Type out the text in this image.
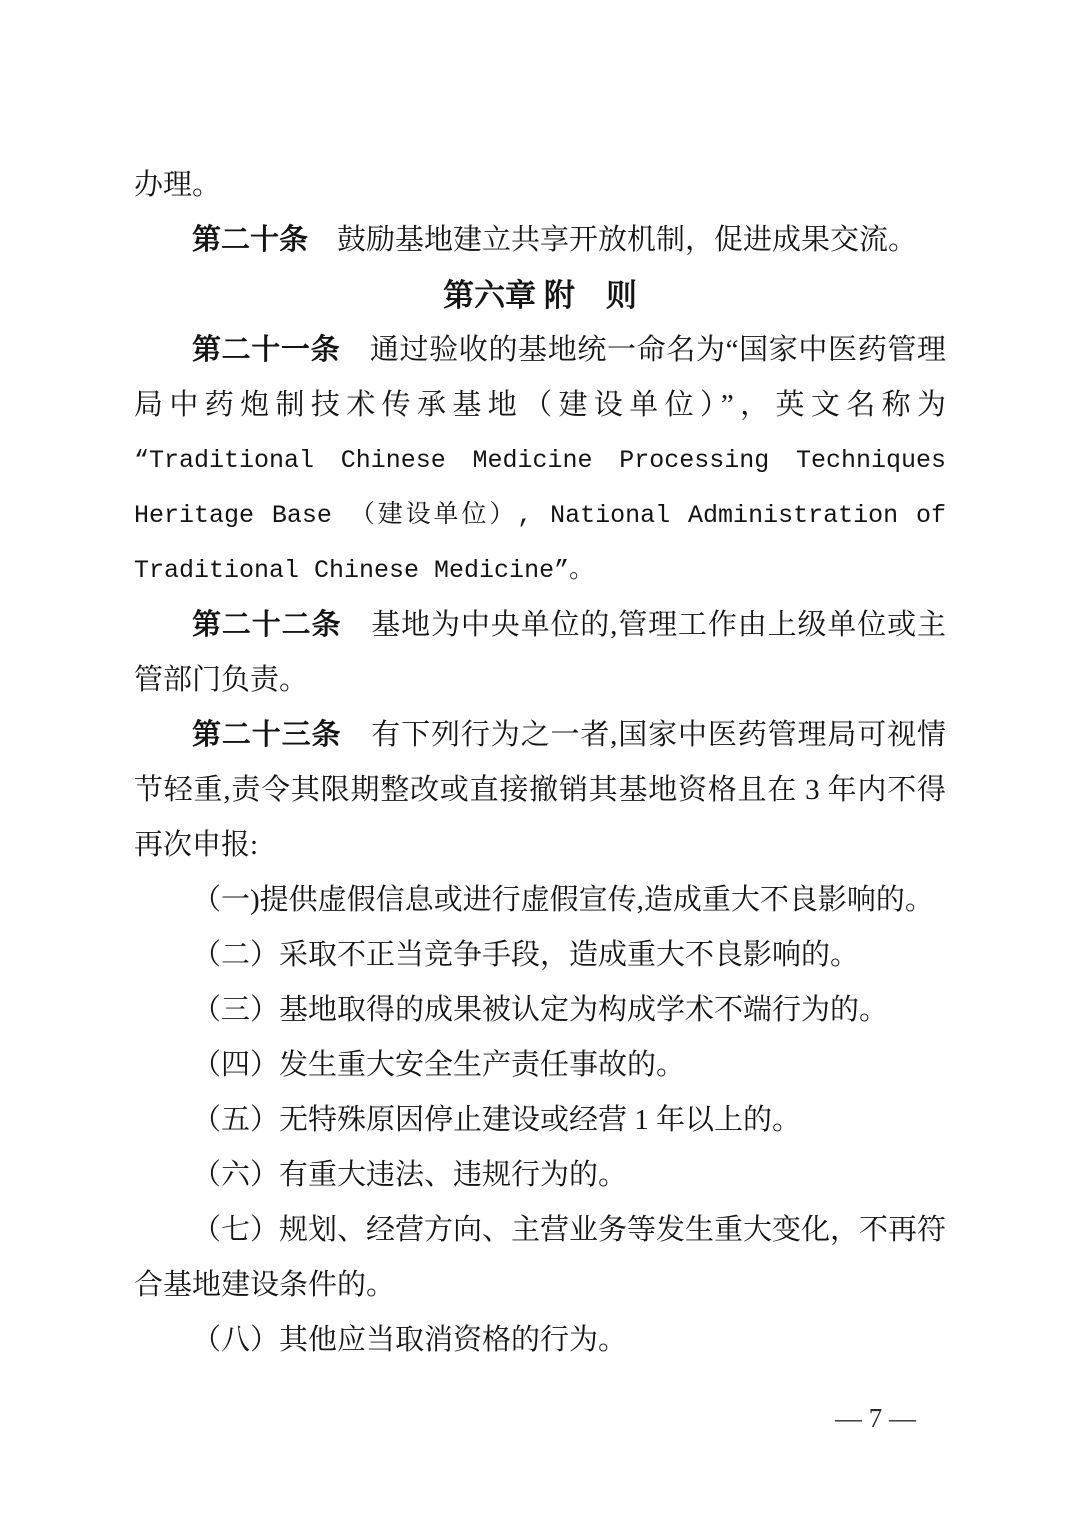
办理。
第二十条　鼓励基地建立共享开放机制，促进成果交流。
第六章 附　则
第二十一条　通过验收的基地统一命名为“国家中医药管理
局中药炮制技术传承基地（建设单位）”，英文名称为
“Traditional Chinese Medicine Processing Techniques
Heritage Base （建设单位）, National Administration of
Traditional Chinese Medicine”。
第二十二条　基地为中央单位的,管理工作由上级单位或主
管部门负责。
第二十三条　有下列行为之一者,国家中医药管理局可视情
节轻重,责令其限期整改或直接撤销其基地资格且在 3 年内不得
再次申报:
（一)提供虚假信息或进行虚假宣传,造成重大不良影响的。
（二）采取不正当竞争手段，造成重大不良影响的。
（三）基地取得的成果被认定为构成学术不端行为的。
（四）发生重大安全生产责任事故的。
（五）无特殊原因停止建设或经营 1 年以上的。
（六）有重大违法、违规行为的。
（七）规划、经营方向、主营业务等发生重大变化，不再符
合基地建设条件的。
（八）其他应当取消资格的行为。
— 7 —
